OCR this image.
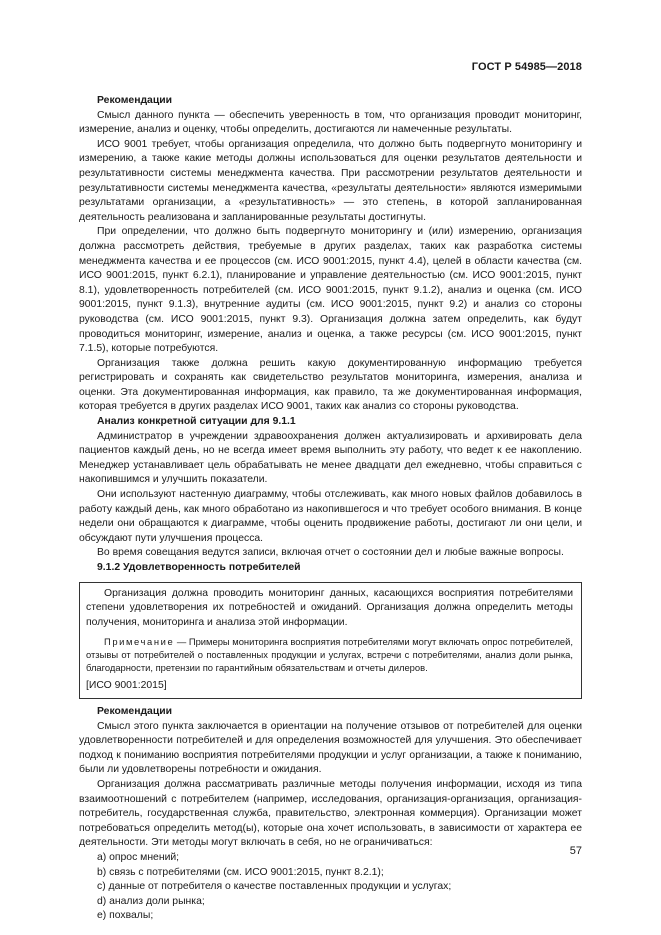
ГОСТ Р 54985—2018

Рекомендации

Смысл данного пункта — обеспечить уверенность в том, что организация проводит мониторинг, измерение, анализ и оценку, чтобы определить, достигаются ли намеченные результаты.

ИСО 9001 требует, чтобы организация определила, что должно быть подвергнуто мониторингу и измерению, а также какие методы должны использоваться для оценки результатов деятельности и результативности системы менеджмента качества. При рассмотрении результатов деятельности и результативности системы менеджмента качества, «результаты деятельности» являются измеримыми результатами организации, а «результативность» — это степень, в которой запланированная деятельность реализована и запланированные результаты достигнуты.

При определении, что должно быть подвергнуто мониторингу и (или) измерению, организация должна рассмотреть действия, требуемые в других разделах, таких как разработка системы менеджмента качества и ее процессов (см. ИСО 9001:2015, пункт 4.4), целей в области качества (см. ИСО 9001:2015, пункт 6.2.1), планирование и управление деятельностью (см. ИСО 9001:2015, пункт 8.1), удовлетворенность потребителей (см. ИСО 9001:2015, пункт 9.1.2), анализ и оценка (см. ИСО 9001:2015, пункт 9.1.3), внутренние аудиты (см. ИСО 9001:2015, пункт 9.2) и анализ со стороны руководства (см. ИСО 9001:2015, пункт 9.3). Организация должна затем определить, как будут проводиться мониторинг, измерение, анализ и оценка, а также ресурсы (см. ИСО 9001:2015, пункт 7.1.5), которые потребуются.

Организация также должна решить какую документированную информацию требуется регистрировать и сохранять как свидетельство результатов мониторинга, измерения, анализа и оценки. Эта документированная информация, как правило, та же документированная информация, которая требуется в других разделах ИСО 9001, таких как анализ со стороны руководства.

Анализ конкретной ситуации для 9.1.1

Администратор в учреждении здравоохранения должен актуализировать и архивировать дела пациентов каждый день, но не всегда имеет время выполнить эту работу, что ведет к ее накоплению. Менеджер устанавливает цель обрабатывать не менее двадцати дел ежедневно, чтобы справиться с накопившимся и улучшить показатели.

Они используют настенную диаграмму, чтобы отслеживать, как много новых файлов добавилось в работу каждый день, как много обработано из накопившегося и что требует особого внимания. В конце недели они обращаются к диаграмме, чтобы оценить продвижение работы, достигают ли они цели, и обсуждают пути улучшения процесса.

Во время совещания ведутся записи, включая отчет о состоянии дел и любые важные вопросы.

9.1.2 Удовлетворенность потребителей

Организация должна проводить мониторинг данных, касающихся восприятия потребителями степени удовлетворения их потребностей и ожиданий. Организация должна определить методы получения, мониторинга и анализа этой информации.

Примечание — Примеры мониторинга восприятия потребителями могут включать опрос потребителей, отзывы от потребителей о поставленных продукции и услугах, встречи с потребителями, анализ доли рынка, благодарности, претензии по гарантийным обязательствам и отчеты дилеров.

[ИСО 9001:2015]

Рекомендации

Смысл этого пункта заключается в ориентации на получение отзывов от потребителей для оценки удовлетворенности потребителей и для определения возможностей для улучшения. Это обеспечивает подход к пониманию восприятия потребителями продукции и услуг организации, а также к пониманию, были ли удовлетворены потребности и ожидания.

Организация должна рассматривать различные методы получения информации, исходя из типа взаимоотношений с потребителем (например, исследования, организация-организация, организация-потребитель, государственная служба, правительство, электронная коммерция). Организации может потребоваться определить метод(ы), которые она хочет использовать, в зависимости от характера ее деятельности. Эти методы могут включать в себя, но не ограничиваться:

a) опрос мнений;

b) связь с потребителями (см. ИСО 9001:2015, пункт 8.2.1);

c) данные от потребителя о качестве поставленных продукции и услугах;

d) анализ доли рынка;

e) похвалы;

57
